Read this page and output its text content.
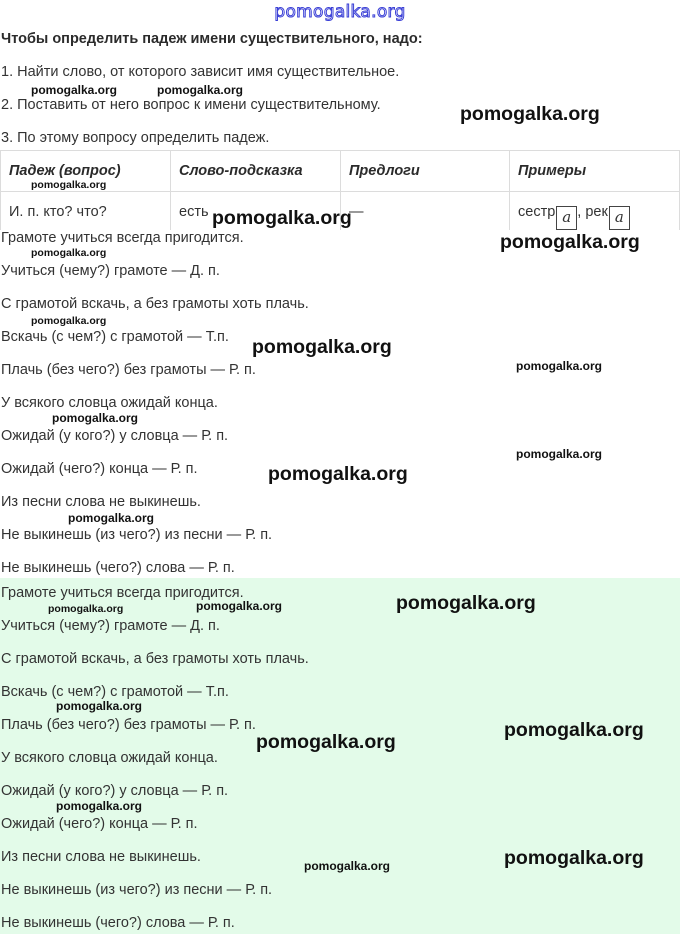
pomogalka.org
Чтобы определить падеж имени существительного, надо:
1. Найти слово, от которого зависит имя существительное.
2. Поставить от него вопрос к имени существительному.
3. По этому вопросу определить падеж.
Падеж (вопрос)	Слово-подсказка	Предлоги	Примеры
И. п. кто? что?	есть	—	сестр а , рек а
Грамоте учиться всегда пригодится.
Учиться (чему?) грамоте — Д. п.
С грамотой вскачь, а без грамоты хоть плачь.
Вскачь (с чем?) с грамотой — Т.п.
Плачь (без чего?) без грамоты — Р. п.
У всякого словца ожидай конца.
Ожидай (у кого?) у словца — Р. п.
Ожидай (чего?) конца — Р. п.
Из песни слова не выкинешь.
Не выкинешь (из чего?) из песни — Р. п.
Не выкинешь (чего?) слова — Р. п.
Грамоте учиться всегда пригодится.
Учиться (чему?) грамоте — Д. п.
С грамотой вскачь, а без грамоты хоть плачь.
Вскачь (с чем?) с грамотой — Т.п.
Плачь (без чего?) без грамоты — Р. п.
У всякого словца ожидай конца.
Ожидай (у кого?) у словца — Р. п.
Ожидай (чего?) конца — Р. п.
Из песни слова не выкинешь.
Не выкинешь (из чего?) из песни — Р. п.
Не выкинешь (чего?) слова — Р. п.
pomogalka.org	pomogalka.org
pomogalka.org
pomogalka.org
pomogalka.org
pomogalka.org
pomogalka.org
pomogalka.org
pomogalka.org
pomogalka.org
pomogalka.org
pomogalka.org
pomogalka.org
pomogalka.org
pomogalka.org
pomogalka.org
pomogalka.org
pomogalka.org
pomogalka.org
pomogalka.org
pomogalka.org
pomogalka.org
pomogalka.org
